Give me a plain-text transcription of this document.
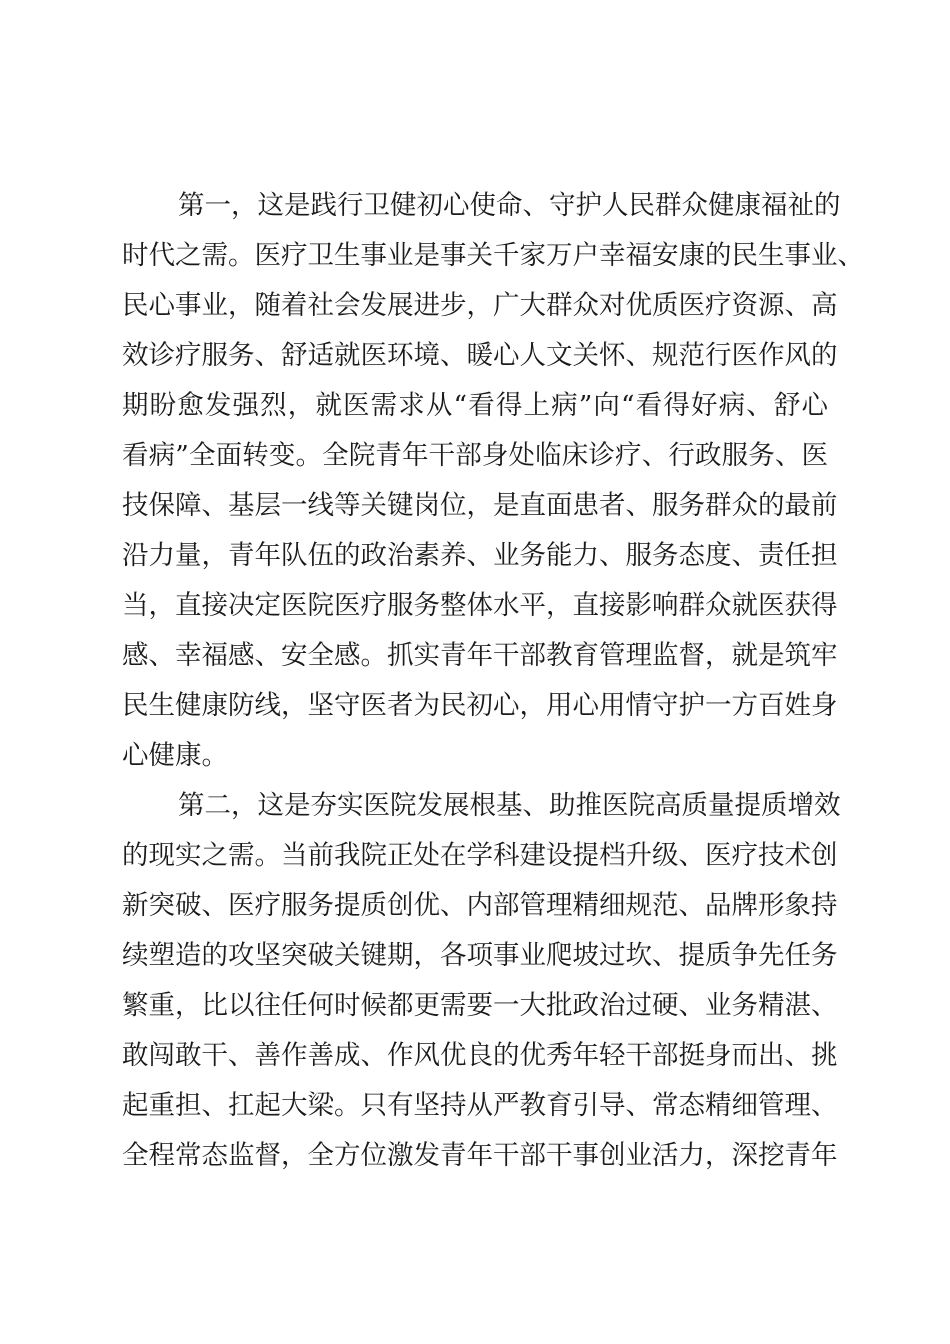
第一，这是践行卫健初心使命、守护人民群众健康福祉的
时代之需。医疗卫生事业是事关千家万户幸福安康的民生事业、
民心事业，随着社会发展进步，广大群众对优质医疗资源、高
效诊疗服务、舒适就医环境、暖心人文关怀、规范行医作风的
期盼愈发强烈，就医需求从“看得上病”向“看得好病、舒心
看病”全面转变。全院青年干部身处临床诊疗、行政服务、医
技保障、基层一线等关键岗位，是直面患者、服务群众的最前
沿力量，青年队伍的政治素养、业务能力、服务态度、责任担
当，直接决定医院医疗服务整体水平，直接影响群众就医获得
感、幸福感、安全感。抓实青年干部教育管理监督，就是筑牢
民生健康防线，坚守医者为民初心，用心用情守护一方百姓身
心健康。
第二，这是夯实医院发展根基、助推医院高质量提质增效
的现实之需。当前我院正处在学科建设提档升级、医疗技术创
新突破、医疗服务提质创优、内部管理精细规范、品牌形象持
续塑造的攻坚突破关键期，各项事业爬坡过坎、提质争先任务
繁重，比以往任何时候都更需要一大批政治过硬、业务精湛、
敢闯敢干、善作善成、作风优良的优秀年轻干部挺身而出、挑
起重担、扛起大梁。只有坚持从严教育引导、常态精细管理、
全程常态监督，全方位激发青年干部干事创业活力，深挖青年
